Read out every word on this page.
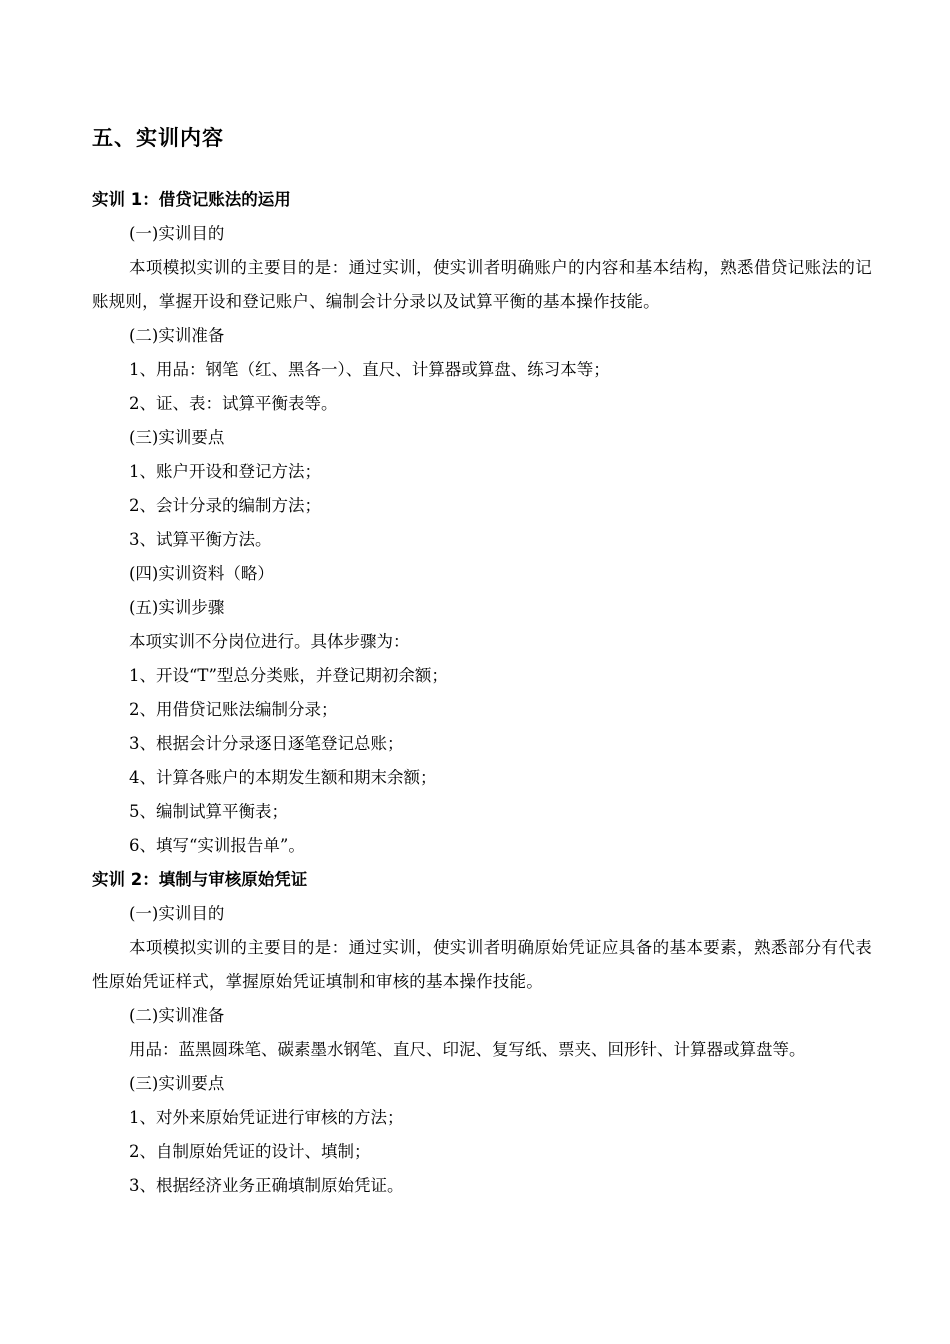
五、实训内容
实训 1：借贷记账法的运用
(一)实训目的
本项模拟实训的主要目的是：通过实训，使实训者明确账户的内容和基本结构，熟悉借贷记账法的记账规则，掌握开设和登记账户、编制会计分录以及试算平衡的基本操作技能。
(二)实训准备
1、用品：钢笔（红、黑各一）、直尺、计算器或算盘、练习本等；
2、证、表：试算平衡表等。
(三)实训要点
1、账户开设和登记方法；
2、会计分录的编制方法；
3、试算平衡方法。
(四)实训资料（略）
(五)实训步骤
本项实训不分岗位进行。具体步骤为：
1、开设“T”型总分类账，并登记期初余额；
2、用借贷记账法编制分录；
3、根据会计分录逐日逐笔登记总账；
4、计算各账户的本期发生额和期末余额；
5、编制试算平衡表；
6、填写“实训报告单”。
实训 2：填制与审核原始凭证
(一)实训目的
本项模拟实训的主要目的是：通过实训，使实训者明确原始凭证应具备的基本要素，熟悉部分有代表性原始凭证样式，掌握原始凭证填制和审核的基本操作技能。
(二)实训准备
用品：蓝黑圆珠笔、碳素墨水钢笔、直尺、印泥、复写纸、票夹、回形针、计算器或算盘等。
(三)实训要点
1、对外来原始凭证进行审核的方法；
2、自制原始凭证的设计、填制；
3、根据经济业务正确填制原始凭证。
